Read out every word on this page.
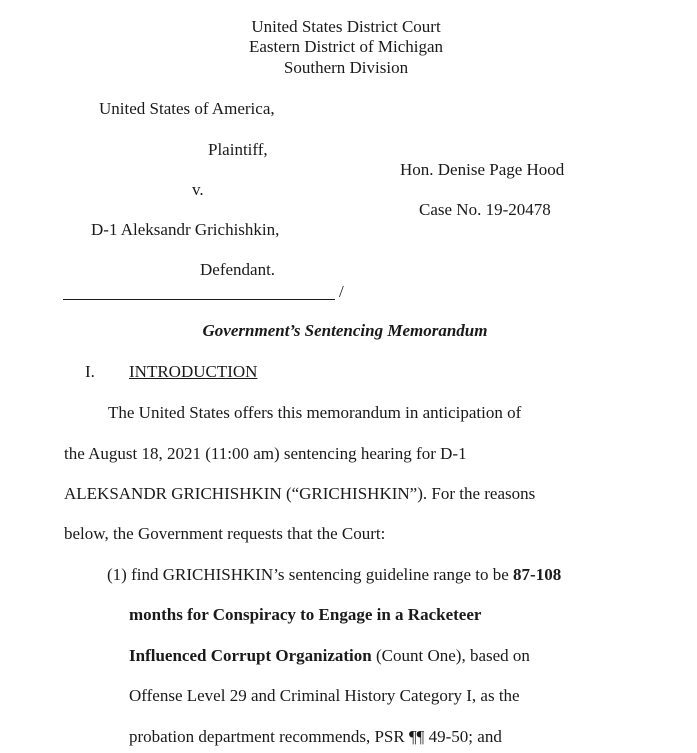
United States District Court
Eastern District of Michigan
Southern Division
United States of America,
Plaintiff,
v.
D-1 Aleksandr Grichishkin,
Defendant.
/
Hon. Denise Page Hood
Case No. 19-20478
Government’s Sentencing Memorandum
I. INTRODUCTION
The United States offers this memorandum in anticipation of
the August 18, 2021 (11:00 am) sentencing hearing for D-1
ALEKSANDR GRICHISHKIN (“GRICHISHKIN”). For the reasons
below, the Government requests that the Court:
(1) find GRICHISHKIN’s sentencing guideline range to be 87-108
months for Conspiracy to Engage in a Racketeer
Influenced Corrupt Organization (Count One), based on
Offense Level 29 and Criminal History Category I, as the
probation department recommends, PSR ¶¶ 49-50; and
